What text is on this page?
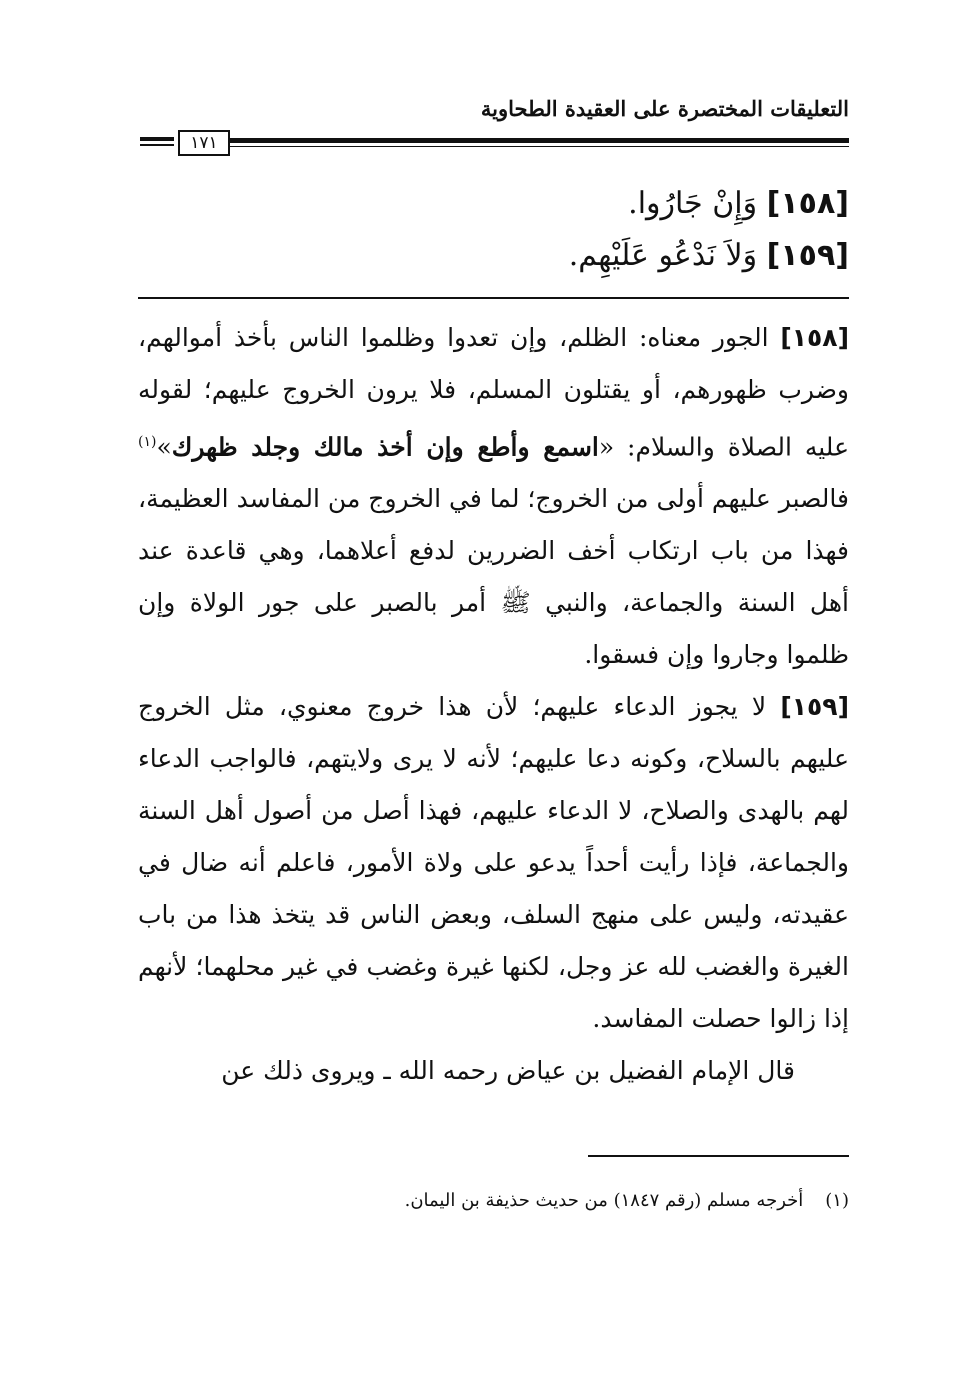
التعليقات المختصرة على العقيدة الطحاوية
١٧١
[١٥٨] وَإِنْ جَارُوا.
[١٥٩] وَلاَ نَدْعُو عَلَيْهِم.

[١٥٨] الجور معناه: الظلم، وإن تعدوا وظلموا الناس بأخذ أموالهم، وضرب ظهورهم، أو يقتلون المسلم، فلا يرون الخروج عليهم؛ لقوله عليه الصلاة والسلام: «اسمع وأطع وإن أخذ مالك وجلد ظهرك»$^{(١)}$ فالصبر عليهم أولى من الخروج؛ لما في الخروج من المفاسد العظيمة، فهذا من باب ارتكاب أخف الضررين لدفع أعلاهما، وهي قاعدة عند أهل السنة والجماعة، والنبي ﷺ أمر بالصبر على جور الولاة وإن ظلموا وجاروا وإن فسقوا.

[١٥٩] لا يجوز الدعاء عليهم؛ لأن هذا خروج معنوي، مثل الخروج عليهم بالسلاح، وكونه دعا عليهم؛ لأنه لا يرى ولايتهم، فالواجب الدعاء لهم بالهدى والصلاح، لا الدعاء عليهم، فهذا أصل من أصول أهل السنة والجماعة، فإذا رأيت أحداً يدعو على ولاة الأمور، فاعلم أنه ضال في عقيدته، وليس على منهج السلف، وبعض الناس قد يتخذ هذا من باب الغيرة والغضب لله عز وجل، لكنها غيرة وغضب في غير محلهما؛ لأنهم إذا زالوا حصلت المفاسد.

قال الإمام الفضيل بن عياض رحمه الله ـ ويروى ذلك عن

(١)أخرجه مسلم (رقم ١٨٤٧) من حديث حذيفة بن اليمان.
